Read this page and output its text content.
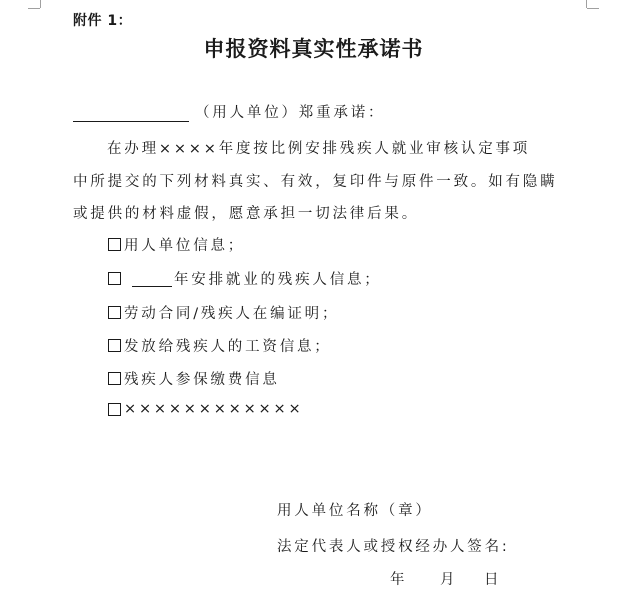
附件 1：
申报资料真实性承诺书
（用人单位）郑重承诺：
在办理××××年度按比例安排残疾人就业审核认定事项
中所提交的下列材料真实、有效，复印件与原件一致。如有隐瞒
或提供的材料虚假，愿意承担一切法律后果。
用人单位信息；
年安排就业的残疾人信息；
劳动合同/残疾人在编证明；
发放给残疾人的工资信息；
残疾人参保缴费信息
××××××××××××
用人单位名称（章）
法定代表人或授权经办人签名:
年 月 日
